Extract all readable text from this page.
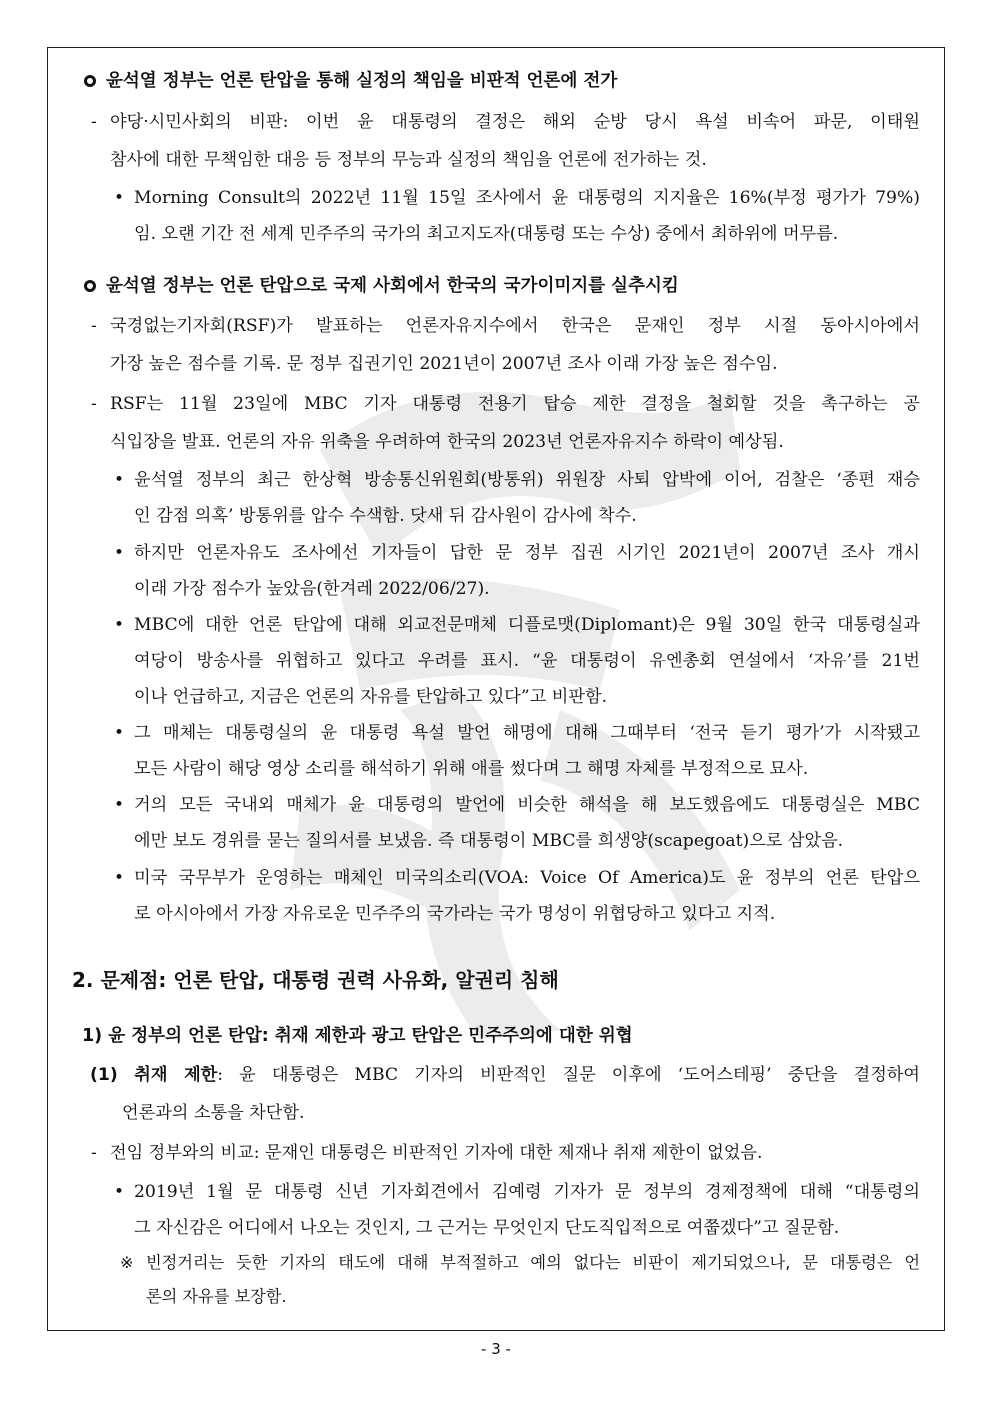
윤석열 정부는 언론 탄압을 통해 실정의 책임을 비판적 언론에 전가
- 야당·시민사회의 비판: 이번 윤 대통령의 결정은 해외 순방 당시 욕설 비속어 파문, 이태원
참사에 대한 무책임한 대응 등 정부의 무능과 실정의 책임을 언론에 전가하는 것.
• Morning Consult의 2022년 11월 15일 조사에서 윤 대통령의 지지율은 16%(부정 평가가 79%)
임. 오랜 기간 전 세계 민주주의 국가의 최고지도자(대통령 또는 수상) 중에서 최하위에 머무름.
윤석열 정부는 언론 탄압으로 국제 사회에서 한국의 국가이미지를 실추시킴
- 국경없는기자회(RSF)가 발표하는 언론자유지수에서 한국은 문재인 정부 시절 동아시아에서
가장 높은 점수를 기록. 문 정부 집권기인 2021년이 2007년 조사 이래 가장 높은 점수임.
- RSF는 11월 23일에 MBC 기자 대통령 전용기 탑승 제한 결정을 철회할 것을 촉구하는 공
식입장을 발표. 언론의 자유 위축을 우려하여 한국의 2023년 언론자유지수 하락이 예상됨.
• 윤석열 정부의 최근 한상혁 방송통신위원회(방통위) 위원장 사퇴 압박에 이어, 검찰은 ‘종편 재승
인 감점 의혹’ 방통위를 압수 수색함. 닷새 뒤 감사원이 감사에 착수.
• 하지만 언론자유도 조사에선 기자들이 답한 문 정부 집권 시기인 2021년이 2007년 조사 개시
이래 가장 점수가 높았음(한겨레 2022/06/27).
• MBC에 대한 언론 탄압에 대해 외교전문매체 디플로맷(Diplomant)은 9월 30일 한국 대통령실과
여당이 방송사를 위협하고 있다고 우려를 표시. “윤 대통령이 유엔총회 연설에서 ‘자유’를 21번
이나 언급하고, 지금은 언론의 자유를 탄압하고 있다”고 비판함.
• 그 매체는 대통령실의 윤 대통령 욕설 발언 해명에 대해 그때부터 ‘전국 듣기 평가’가 시작됐고
모든 사람이 해당 영상 소리를 해석하기 위해 애를 썼다며 그 해명 자체를 부정적으로 묘사.
• 거의 모든 국내외 매체가 윤 대통령의 발언에 비슷한 해석을 해 보도했음에도 대통령실은 MBC
에만 보도 경위를 묻는 질의서를 보냈음. 즉 대통령이 MBC를 희생양(scapegoat)으로 삼았음.
• 미국 국무부가 운영하는 매체인 미국의소리(VOA: Voice Of America)도 윤 정부의 언론 탄압으
로 아시아에서 가장 자유로운 민주주의 국가라는 국가 명성이 위협당하고 있다고 지적.
2. 문제점: 언론 탄압, 대통령 권력 사유화, 알권리 침해
1) 윤 정부의 언론 탄압: 취재 제한과 광고 탄압은 민주주의에 대한 위협
(1) 취재 제한: 윤 대통령은 MBC 기자의 비판적인 질문 이후에 ‘도어스테핑’ 중단을 결정하여
언론과의 소통을 차단함.
- 전임 정부와의 비교: 문재인 대통령은 비판적인 기자에 대한 제재나 취재 제한이 없었음.
• 2019년 1월 문 대통령 신년 기자회견에서 김예령 기자가 문 정부의 경제정책에 대해 “대통령의
그 자신감은 어디에서 나오는 것인지, 그 근거는 무엇인지 단도직입적으로 여쭙겠다”고 질문함.
※ 빈정거리는 듯한 기자의 태도에 대해 부적절하고 예의 없다는 비판이 제기되었으나, 문 대통령은 언
론의 자유를 보장함.
- 3 -
